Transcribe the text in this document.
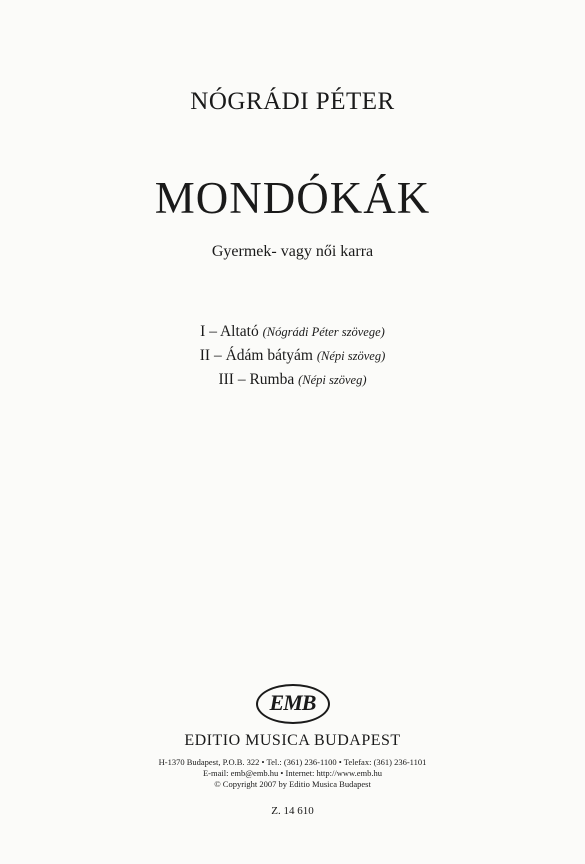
NÓGRÁDI PÉTER
MONDÓKÁK
Gyermek- vagy női karra
I – Altató (Nógrádi Péter szövege)
II – Ádám bátyám (Népi szöveg)
III – Rumba (Népi szöveg)
EMB
EDITIO MUSICA BUDAPEST
H-1370 Budapest, P.O.B. 322 • Tel.: (361) 236-1100 • Telefax: (361) 236-1101
E-mail: emb@emb.hu • Internet: http://www.emb.hu
© Copyright 2007 by Editio Musica Budapest
Z. 14 610
